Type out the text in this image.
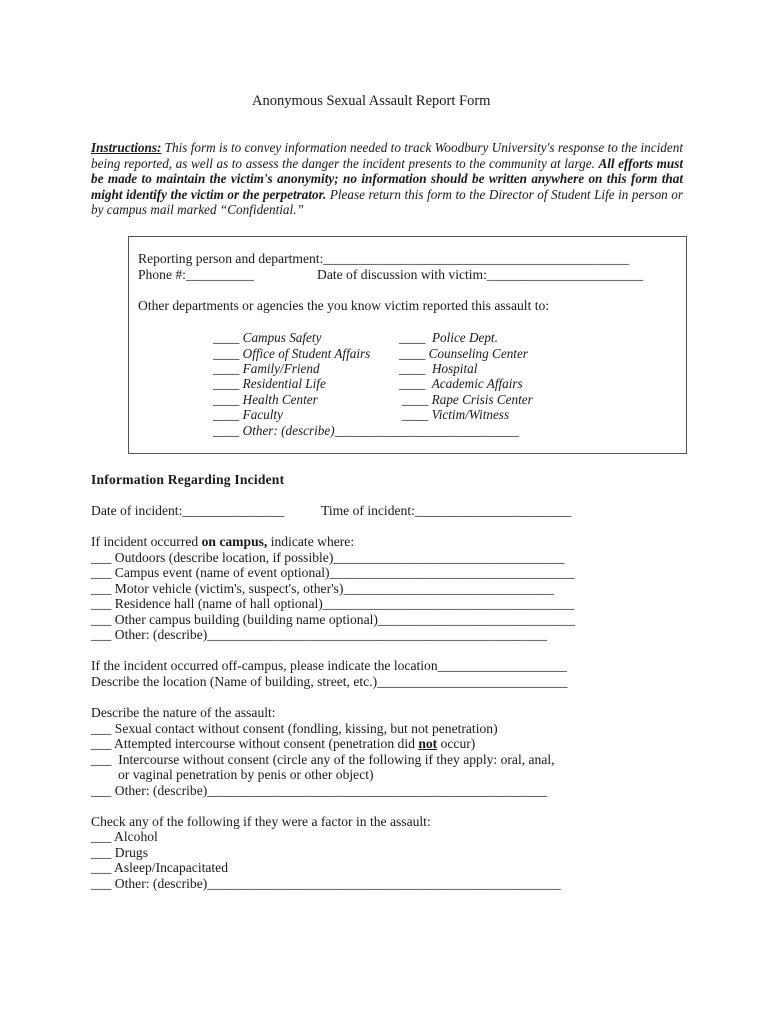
Anonymous Sexual Assault Report Form
Instructions: This form is to convey information needed to track Woodbury University's response to the incident being reported, as well as to assess the danger the incident presents to the community at large. All efforts must be made to maintain the victim's anonymity; no information should be written anywhere on this form that might identify the victim or the perpetrator. Please return this form to the Director of Student Life in person or by campus mail marked “Confidential.”
Reporting person and department:_____________________________________________
Phone #:__________	Date of discussion with victim:_______________________
Other departments or agencies the you know victim reported this assault to:
____ Campus Safety
____ Office of Student Affairs
____ Family/Friend
____ Residential Life
____ Health Center
____ Faculty
____ Other: (describe)____________________________
____  Police Dept.
____ Counseling Center
____  Hospital
____  Academic Affairs
____ Rape Crisis Center
____ Victim/Witness
Information Regarding Incident
Date of incident:_______________	Time of incident:_______________________
If incident occurred on campus, indicate where:
___ Outdoors (describe location, if possible)__________________________________
___ Campus event (name of event optional)____________________________________
___ Motor vehicle (victim's, suspect's, other's)_______________________________
___ Residence hall (name of hall optional)_____________________________________
___ Other campus building (building name optional)_____________________________
___ Other: (describe)__________________________________________________
If the incident occurred off-campus, please indicate the location___________________
Describe the location (Name of building, street, etc.)____________________________
Describe the nature of the assault:
___ Sexual contact without consent (fondling, kissing, but not penetration)
___ Attempted intercourse without consent (penetration did not occur)
___  Intercourse without consent (circle any of the following if they apply: oral, anal,
or vaginal penetration by penis or other object)
___ Other: (describe)__________________________________________________
Check any of the following if they were a factor in the assault:
___ Alcohol
___ Drugs
___ Asleep/Incapacitated
___ Other: (describe)____________________________________________________
